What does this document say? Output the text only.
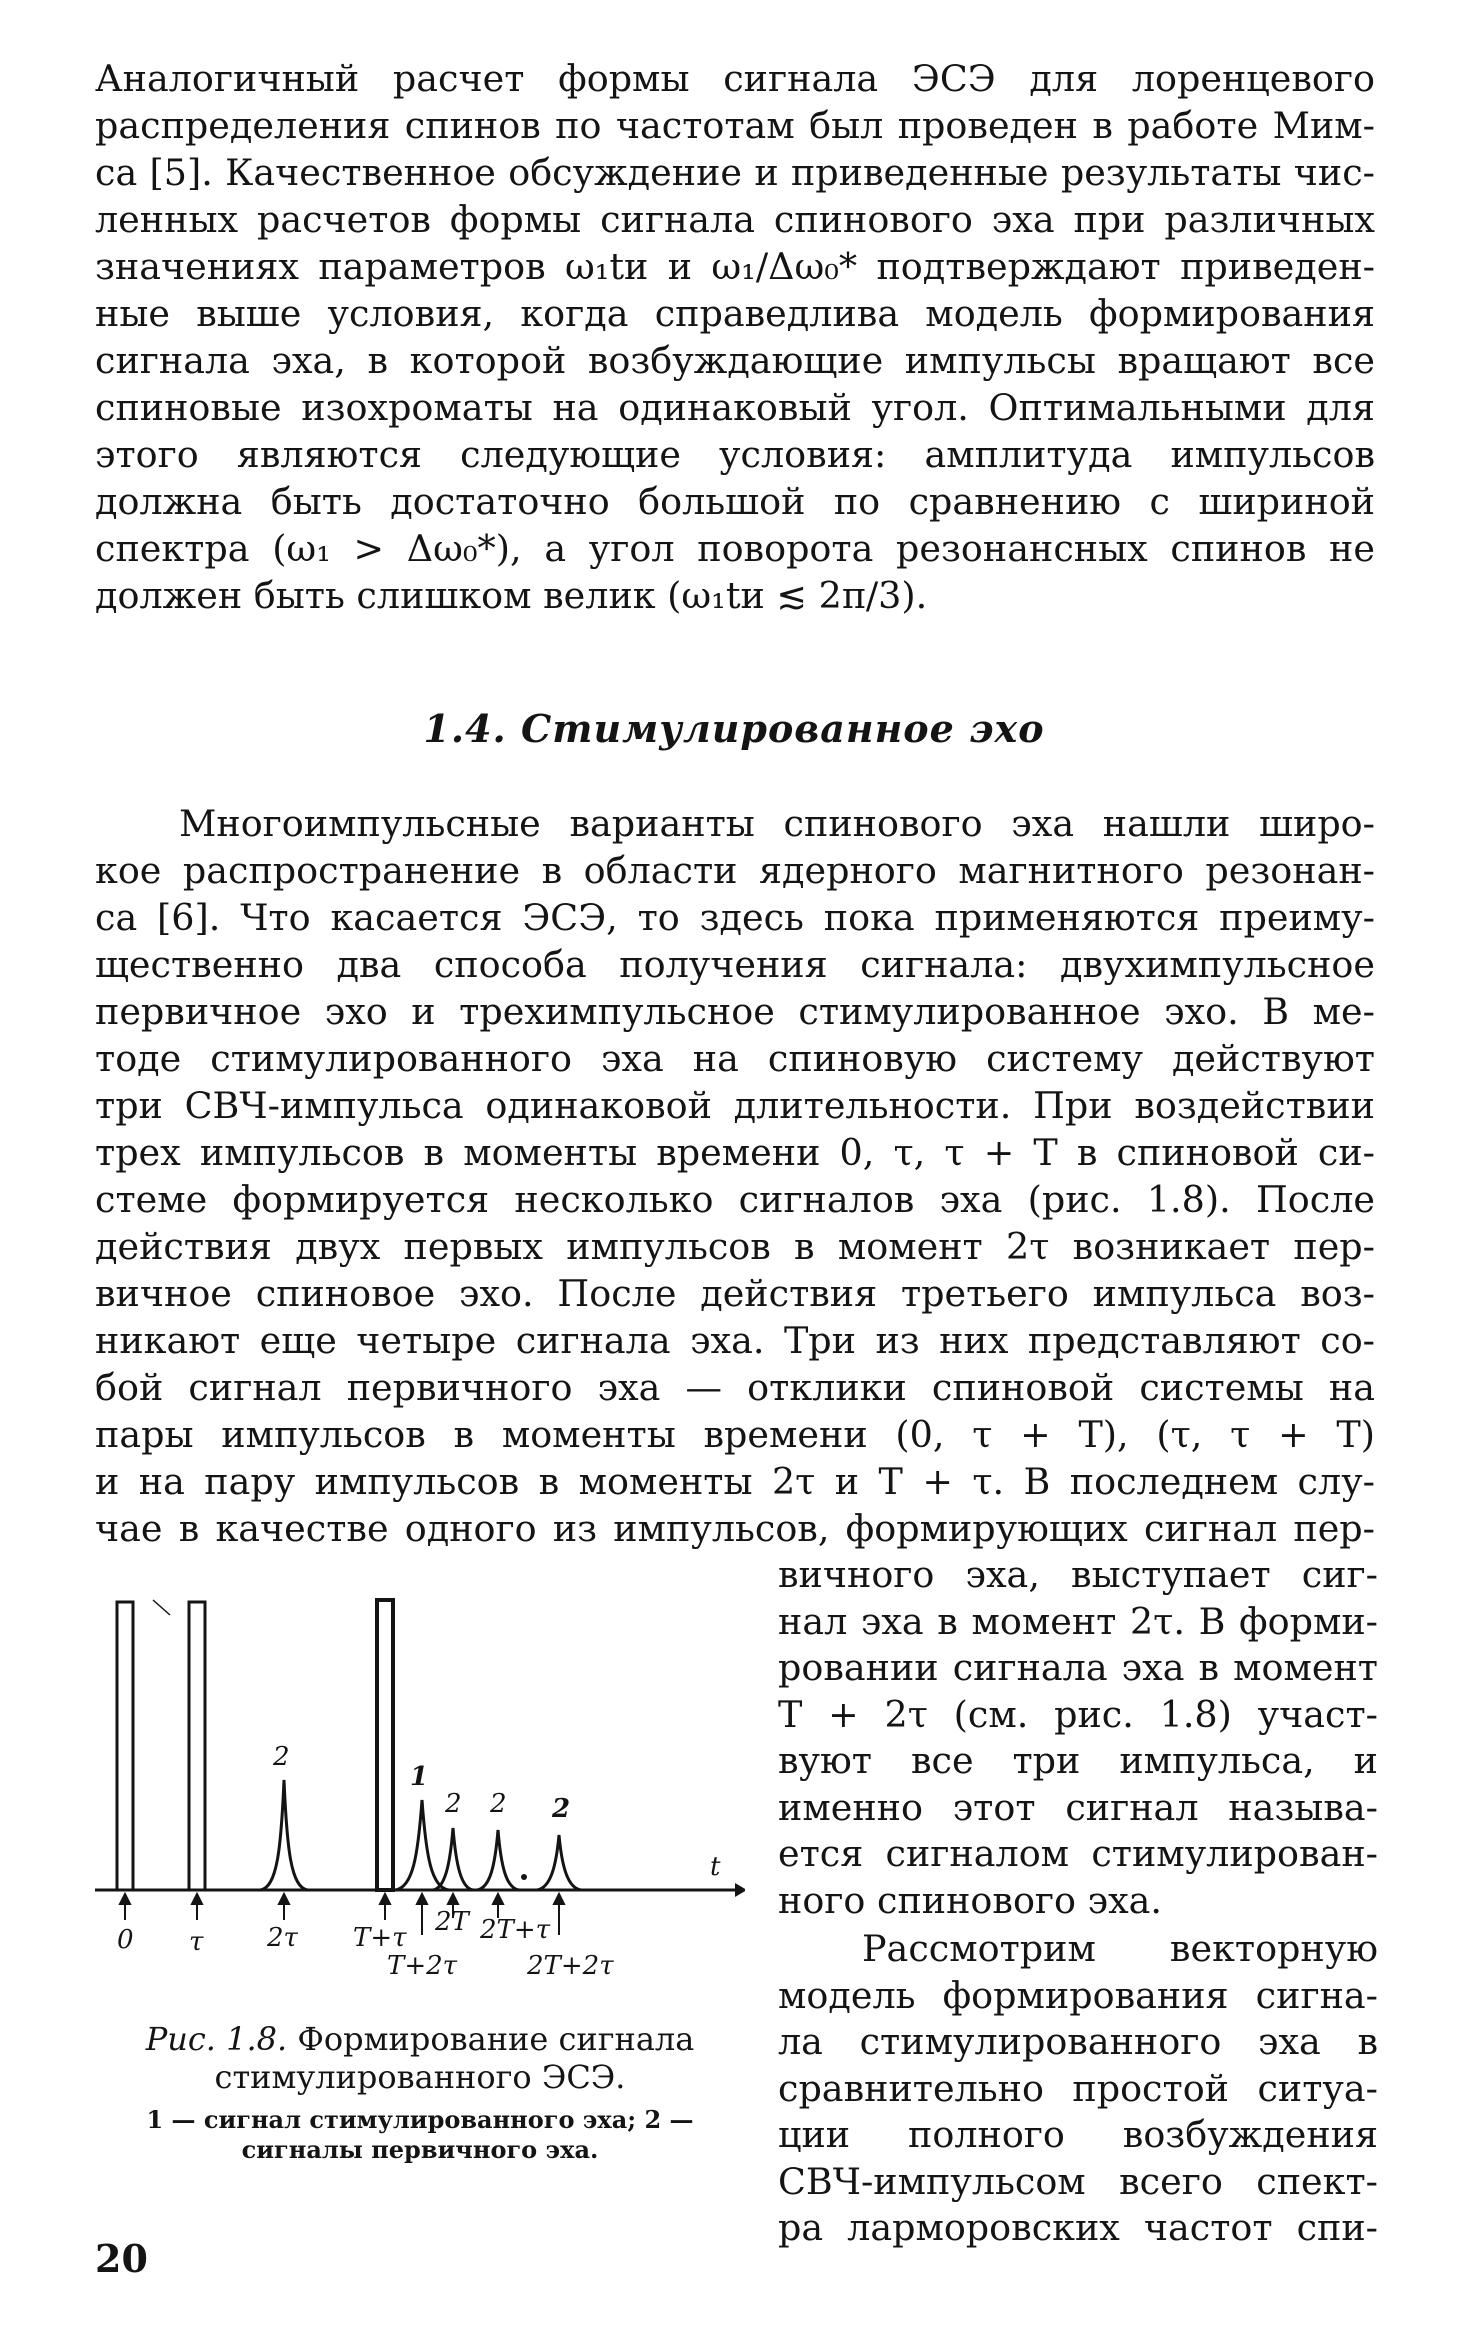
Аналогичный расчет формы сигнала ЭСЭ для лоренцевого
распределения спинов по частотам был проведен в работе Мим-
са [5]. Качественное обсуждение и приведенные результаты чис-
ленных расчетов формы сигнала спинового эха при различных
значениях параметров ω₁tи и ω₁/Δω₀* подтверждают приведен-
ные выше условия, когда справедлива модель формирования
сигнала эха, в которой возбуждающие импульсы вращают все
спиновые изохроматы на одинаковый угол. Оптимальными для
этого являются следующие условия: амплитуда импульсов
должна быть достаточно большой по сравнению с шириной
спектра (ω₁ > Δω₀*), а угол поворота резонансных спинов не
должен быть слишком велик (ω₁tи ≲ 2π/3).

1.4. Стимулированное эхо

Многоимпульсные варианты спинового эха нашли широ-
кое распространение в области ядерного магнитного резонан-
са [6]. Что касается ЭСЭ, то здесь пока применяются преиму-
щественно два способа получения сигнала: двухимпульсное
первичное эхо и трехимпульсное стимулированное эхо. В ме-
тоде стимулированного эха на спиновую систему действуют
три СВЧ-импульса одинаковой длительности. При воздействии
трех импульсов в моменты времени 0, τ, τ + T в спиновой си-
стеме формируется несколько сигналов эха (рис. 1.8). После
действия двух первых импульсов в момент 2τ возникает пер-
вичное спиновое эхо. После действия третьего импульса воз-
никают еще четыре сигнала эха. Три из них представляют со-
бой сигнал первичного эха — отклики спиновой системы на
пары импульсов в моменты времени (0, τ + T), (τ, τ + T)
и на пару импульсов в моменты 2τ и T + τ. В последнем слу-
чае в качестве одного из импульсов, формирующих сигнал пер-

вичного эха, выступает сиг-
нал эха в момент 2τ. В форми-
ровании сигнала эха в момент
T + 2τ (см. рис. 1.8) участ-
вуют все три импульса, и
именно этот сигнал называ-
ется сигналом стимулирован-
ного спинового эха.

Рассмотрим векторную
модель формирования сигна-
ла стимулированного эха в
сравнительно простой ситуа-
ции полного возбуждения
СВЧ-импульсом всего спект-
ра ларморовских частот спи-

t
2
1
2 2 2
0 τ 2τ T+τ
2T 2T+τ
T+2τ	2T+2τ

Рис. 1.8. Формирование сигнала стимулированного ЭСЭ.

1 — сигнал стимулированного эха; 2 —
сигналы первичного эха.

20
